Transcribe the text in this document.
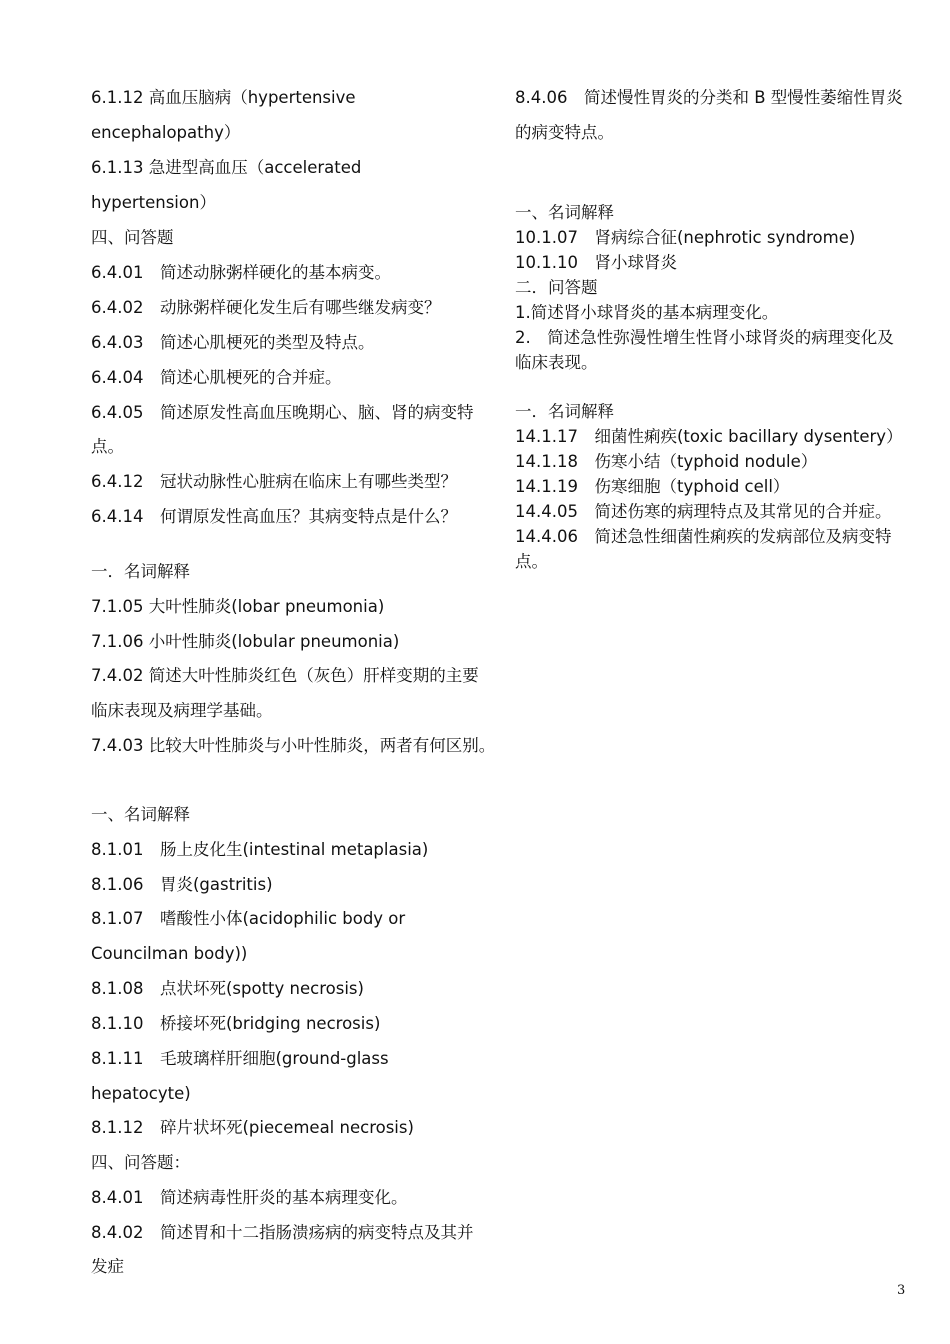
6.1.12 高血压脑病（hypertensive
encephalopathy）
6.1.13 急进型高血压（accelerated
hypertension）
四、问答题
6.4.01　简述动脉粥样硬化的基本病变。
6.4.02　动脉粥样硬化发生后有哪些继发病变？
6.4.03　简述心肌梗死的类型及特点。
6.4.04　简述心肌梗死的合并症。
6.4.05　简述原发性高血压晚期心、脑、肾的病变特
点。
6.4.12　冠状动脉性心脏病在临床上有哪些类型？
6.4.14　何谓原发性高血压？其病变特点是什么？
一．名词解释
7.1.05 大叶性肺炎(lobar pneumonia)
7.1.06 小叶性肺炎(lobular pneumonia)
7.4.02 简述大叶性肺炎红色（灰色）肝样变期的主要
临床表现及病理学基础。
7.4.03 比较大叶性肺炎与小叶性肺炎，两者有何区别。
一、名词解释
8.1.01　肠上皮化生(intestinal metaplasia)
8.1.06　胃炎(gastritis)
8.1.07　嗜酸性小体(acidophilic body or
Councilman body))
8.1.08　点状坏死(spotty necrosis)
8.1.10　桥接坏死(bridging necrosis)
8.1.11　毛玻璃样肝细胞(ground-glass
hepatocyte)
8.1.12　碎片状坏死(piecemeal necrosis)
四、问答题：
8.4.01　简述病毒性肝炎的基本病理变化。
8.4.02　简述胃和十二指肠溃疡病的病变特点及其并
发症
8.4.06　简述慢性胃炎的分类和 B 型慢性萎缩性胃炎
的病变特点。
一、名词解释
10.1.07　肾病综合征(nephrotic syndrome)
10.1.10　肾小球肾炎
二．问答题
1.简述肾小球肾炎的基本病理变化。
2.　简述急性弥漫性增生性肾小球肾炎的病理变化及
临床表现。
一．名词解释
14.1.17　细菌性痢疾(toxic bacillary dysentery）
14.1.18　伤寒小结（typhoid nodule）
14.1.19　伤寒细胞（typhoid cell）
14.4.05　简述伤寒的病理特点及其常见的合并症。
14.4.06　简述急性细菌性痢疾的发病部位及病变特
点。
3
